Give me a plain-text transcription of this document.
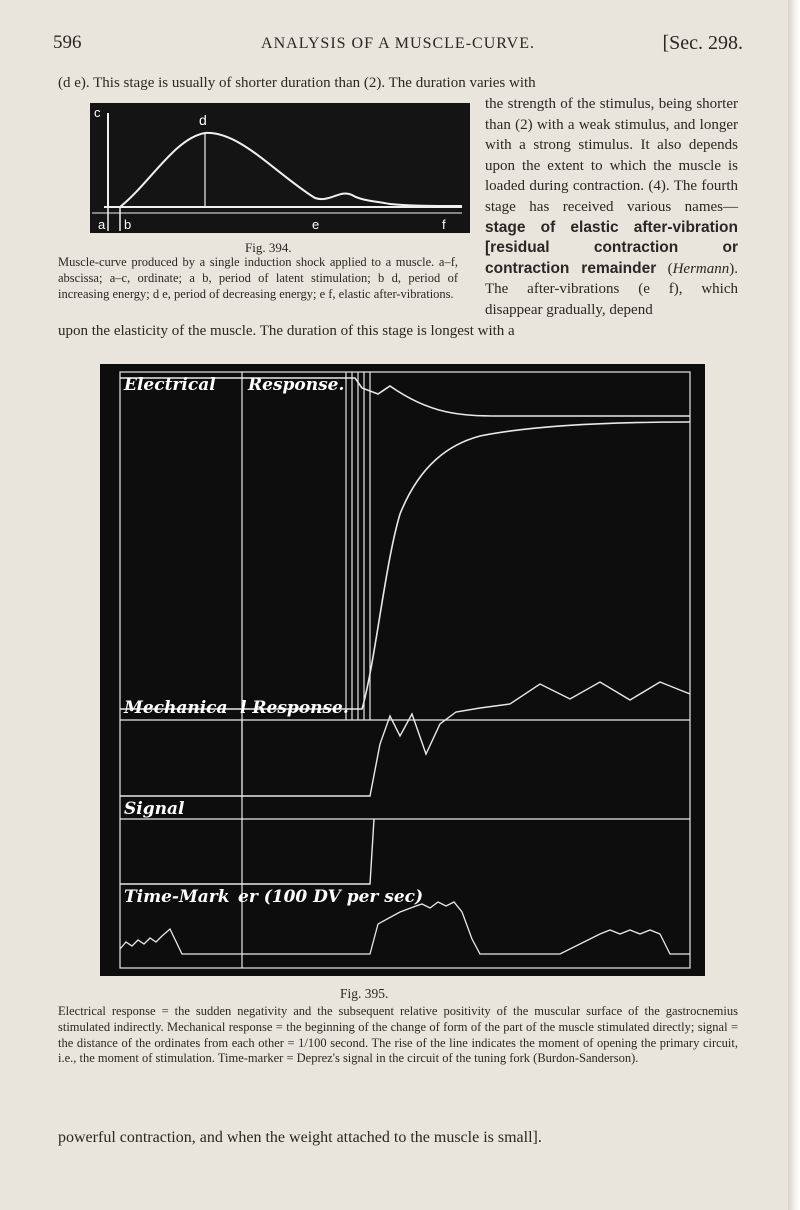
596	ANALYSIS OF A MUSCLE-CURVE.	[Sec. 298.
(d e). This stage is usually of shorter duration than (2). The duration varies with
c	d
a b	e	f
Fig. 394.
Muscle-curve produced by a single induction shock applied to a muscle. a–f, abscissa; a–c, ordinate; a b, period of latent stimulation; b d, period of increasing energy; d e, period of decreasing energy; e f, elastic after-vibrations.
the strength of the stimulus, being shorter than (2) with a weak stimulus, and longer with a strong stimulus. It also depends upon the extent to which the muscle is loaded during contraction. (4). The fourth stage has received various names—stage of elastic after-vibration [residual contraction or contraction remainder (Hermann). The after-vibrations (e f), which disappear gradually, depend
upon the elasticity of the muscle. The duration of this stage is longest with a
Electrical Response.
Mechanica l Response.
Signal
Time-Mark er (100 DV per sec)
Fig. 395.
Electrical response = the sudden negativity and the subsequent relative positivity of the muscular surface of the gastrocnemius stimulated indirectly. Mechanical response = the beginning of the change of form of the part of the muscle stimulated directly; signal = the distance of the ordinates from each other = 1/100 second. The rise of the line indicates the moment of opening the primary circuit, i.e., the moment of stimulation. Time-marker = Deprez's signal in the circuit of the tuning fork (Burdon-Sanderson).
powerful contraction, and when the weight attached to the muscle is small].
